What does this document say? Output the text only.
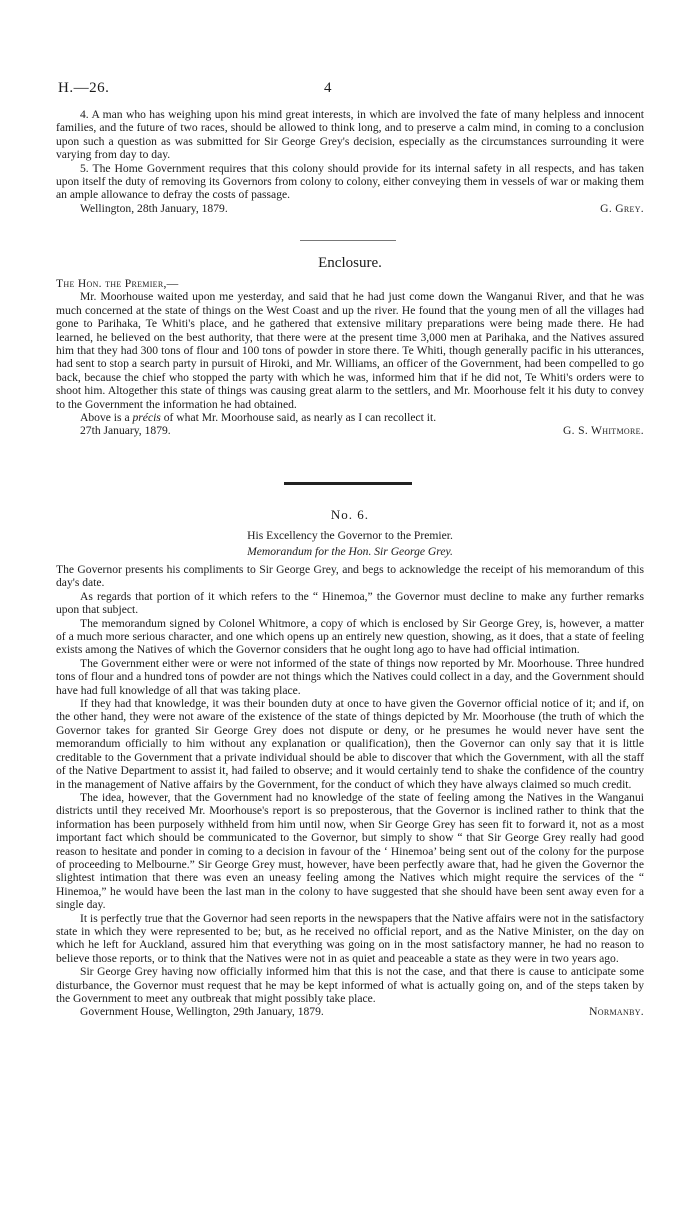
H.—26.	4

4. A man who has weighing upon his mind great interests, in which are involved the fate of many helpless and innocent families, and the future of two races, should be allowed to think long, and to preserve a calm mind, in coming to a conclusion upon such a question as was submitted for Sir George Grey's decision, especially as the circumstances surrounding it were varying from day to day.

5. The Home Government requires that this colony should provide for its internal safety in all respects, and has taken upon itself the duty of removing its Governors from colony to colony, either conveying them in vessels of war or making them an ample allowance to defray the costs of passage.

Wellington, 28th January, 1879.	G. Grey.
Enclosure.

The Hon. the Premier,—

Mr. Moorhouse waited upon me yesterday, and said that he had just come down the Wanganui River, and that he was much concerned at the state of things on the West Coast and up the river. He found that the young men of all the villages had gone to Parihaka, Te Whiti's place, and he gathered that extensive military preparations were being made there. He had learned, he believed on the best authority, that there were at the present time 3,000 men at Parihaka, and the Natives assured him that they had 300 tons of flour and 100 tons of powder in store there. Te Whiti, though generally pacific in his utterances, had sent to stop a search party in pursuit of Hiroki, and Mr. Williams, an officer of the Government, had been compelled to go back, because the chief who stopped the party with which he was, informed him that if he did not, Te Whiti's orders were to shoot him. Altogether this state of things was causing great alarm to the settlers, and Mr. Moorhouse felt it his duty to convey to the Government the information he had obtained.

Above is a précis of what Mr. Moorhouse said, as nearly as I can recollect it.

27th January, 1879.	G. S. Whitmore.
No. 6.
His Excellency the Governor to the Premier.
Memorandum for the Hon. Sir George Grey.

The Governor presents his compliments to Sir George Grey, and begs to acknowledge the receipt of his memorandum of this day's date.

As regards that portion of it which refers to the “ Hinemoa,” the Governor must decline to make any further remarks upon that subject.

The memorandum signed by Colonel Whitmore, a copy of which is enclosed by Sir George Grey, is, however, a matter of a much more serious character, and one which opens up an entirely new question, showing, as it does, that a state of feeling exists among the Natives of which the Governor considers that he ought long ago to have had official intimation.

The Government either were or were not informed of the state of things now reported by Mr. Moorhouse. Three hundred tons of flour and a hundred tons of powder are not things which the Natives could collect in a day, and the Government should have had full knowledge of all that was taking place.

If they had that knowledge, it was their bounden duty at once to have given the Governor official notice of it; and if, on the other hand, they were not aware of the existence of the state of things depicted by Mr. Moorhouse (the truth of which the Governor takes for granted Sir George Grey does not dispute or deny, or he presumes he would never have sent the memorandum officially to him without any explanation or qualification), then the Governor can only say that it is little creditable to the Government that a private individual should be able to discover that which the Government, with all the staff of the Native Department to assist it, had failed to observe; and it would certainly tend to shake the confidence of the country in the management of Native affairs by the Government, for the conduct of which they have always claimed so much credit.

The idea, however, that the Government had no knowledge of the state of feeling among the Natives in the Wanganui districts until they received Mr. Moorhouse's report is so preposterous, that the Governor is inclined rather to think that the information has been purposely withheld from him until now, when Sir George Grey has seen fit to forward it, not as a most important fact which should be communicated to the Governor, but simply to show “ that Sir George Grey really had good reason to hesitate and ponder in coming to a decision in favour of the ‘ Hinemoa’ being sent out of the colony for the purpose of proceeding to Melbourne.” Sir George Grey must, however, have been perfectly aware that, had he given the Governor the slightest intimation that there was even an uneasy feeling among the Natives which might require the services of the “ Hinemoa,” he would have been the last man in the colony to have suggested that she should have been sent away even for a single day.

It is perfectly true that the Governor had seen reports in the newspapers that the Native affairs were not in the satisfactory state in which they were represented to be; but, as he received no official report, and as the Native Minister, on the day on which he left for Auckland, assured him that everything was going on in the most satisfactory manner, he had no reason to believe those reports, or to think that the Natives were not in as quiet and peaceable a state as they were in two years ago.

Sir George Grey having now officially informed him that this is not the case, and that there is cause to anticipate some disturbance, the Governor must request that he may be kept informed of what is actually going on, and of the steps taken by the Government to meet any outbreak that might possibly take place.

Government House, Wellington, 29th January, 1879.	Normanby.
